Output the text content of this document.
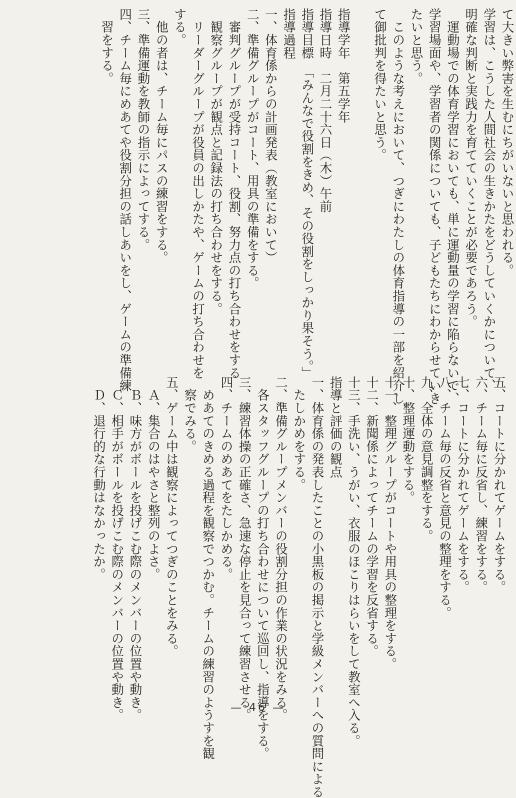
て大きい弊害を生むにちがいないと思われる。
学習は、こうした人間社会の生きかたをどうしていくかについて、
明確な判断と実践力を育てていくことが必要であろう。
　運動場での体育学習においても、単に運動量の学習に陥らないで、
学習場面や、学習者の関係についても、子どもたちにわからせていき
たいと思う。
　このような考えにおいて、つぎにわたしの体育指導の一部を紹介し
て御批判を得たいと思う。

指導学年　第五学年
指導日時　二月二十六日（木）午前
指導目標　「みんなで役割をきめ、その役割をしっかり果そう。」
指導過程
一、体育係からの計画発表（教室において）
二、準備グループがコート、用具の準備をする。
　審判グループが受持コート、役割、努力点の打ち合わせをする
　観察グループが観点と記録法の打ち合わせをする。
　リーダーグループが役員の出しかたや、ゲームの打ち合わせを
する。
　他の者は、チーム毎にパスの練習をする。
三、準備運動を教師の指示によってする。
四、チーム毎にめあてや役割分担の話しあいをし、ゲームの準備練
　習をする。
五、コートに分かれてゲームをする。
六、チーム毎に反省し、練習をする。
七、コートに分かれてゲームをする。
八、チーム毎の反省と意見の整理をする。
九、全体の意見調整をする。
十、整理運動をする。
十一、整理グループがコートや用具の整理をする。
十二、新聞係によってチームの学習を反省する。
十三、手洗い、うがい、衣服のほこりはらいをして教室へ入る。
指導と評価の観点
一、体育係の発表したことの小黒板の掲示と学級メンバーへの質問による
　たしかめをする。
二、準備グループメンバーの役割分担の作業の状況をみる。
　各スタッフグループの打ち合わせについて巡回し、指導をする。
三、練習体操の正確さ、急速な停止を見合って練習させる。
四、チームのめあてをたしかめる。
　めあてのきめる過程を観察でつかむ。チームの練習のようすを観
　察でみる。
五、ゲーム中は観察によってつぎのことをみる。
　Ａ、集合のはやさと整列のよさ。
　Ｂ、味方がボールを投げこむ際のメンバーの位置や動き。
　Ｃ、相手がボールを投げこむ際のメンバーの位置や動き。
　Ｄ、退行的な行動はなかったか。
— 46 —
